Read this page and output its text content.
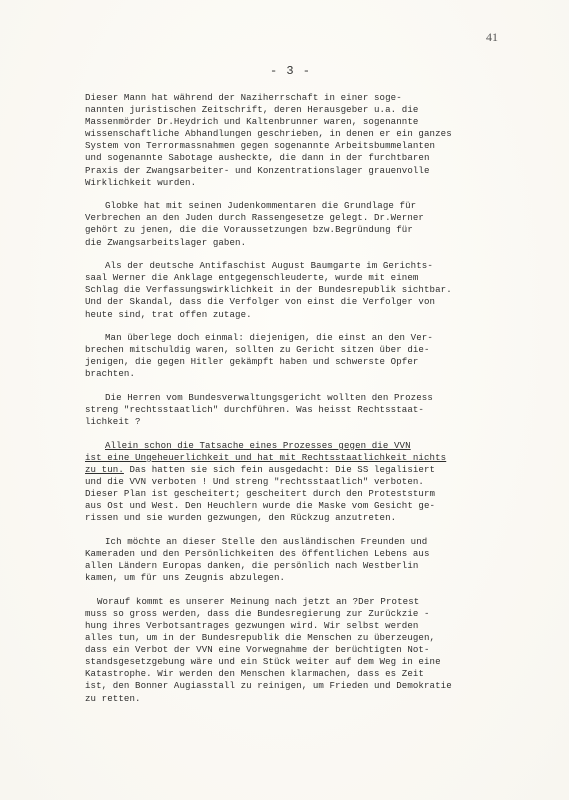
41
- 3 -
Dieser Mann hat während der Naziherrschaft in einer soge-
nannten juristischen Zeitschrift, deren Herausgeber u.a. die
Massenmörder Dr.Heydrich und Kaltenbrunner waren, sogenannte
wissenschaftliche Abhandlungen geschrieben, in denen er ein ganzes
System von Terrormassnahmen gegen sogenannte Arbeitsbummelanten
und sogenannte Sabotage ausheckte, die dann in der furchtbaren
Praxis der Zwangsarbeiter- und Konzentrationslager grauenvolle
Wirklichkeit wurden.
Globke hat mit seinen Judenkommentaren die Grundlage für
Verbrechen an den Juden durch Rassengesetze gelegt. Dr.Werner
gehört zu jenen, die die Voraussetzungen bzw.Begründung für
die Zwangsarbeitslager gaben.
Als der deutsche Antifaschist August Baumgarte im Gerichts-
saal Werner die Anklage entgegenschleuderte, wurde mit einem
Schlag die Verfassungswirklichkeit in der Bundesrepublik sichtbar.
Und der Skandal, dass die Verfolger von einst die Verfolger von
heute sind, trat offen zutage.
Man überlege doch einmal: diejenigen, die einst an den Ver-
brechen mitschuldig waren, sollten zu Gericht sitzen über die-
jenigen, die gegen Hitler gekämpft haben und schwerste Opfer
brachten.
Die Herren vom Bundesverwaltungsgericht wollten den Prozess
streng "rechtsstaatlich" durchführen. Was heisst Rechtsstaat-
lichkeit ?
Allein schon die Tatsache eines Prozesses gegen die VVN
ist eine Ungeheuerlichkeit und hat mit Rechtsstaatlichkeit nichts
zu tun. Das hatten sie sich fein ausgedacht: Die SS legalisiert
und die VVN verboten ! Und streng "rechtsstaatlich" verboten.
Dieser Plan ist gescheitert; gescheitert durch den Proteststurm
aus Ost und West. Den Heuchlern wurde die Maske vom Gesicht ge-
rissen und sie wurden gezwungen, den Rückzug anzutreten.
Ich möchte an dieser Stelle den ausländischen Freunden und
Kameraden und den Persönlichkeiten des öffentlichen Lebens aus
allen Ländern Europas danken, die persönlich nach Westberlin
kamen, um für uns Zeugnis abzulegen.
Worauf kommt es unserer Meinung nach jetzt an ?Der Protest
muss so gross werden, dass die Bundesregierung zur Zurückzie -
hung ihres Verbotsantrages gezwungen wird. Wir selbst werden
alles tun, um in der Bundesrepublik die Menschen zu überzeugen,
dass ein Verbot der VVN eine Vorwegnahme der berüchtigten Not-
standsgesetzgebung wäre und ein Stück weiter auf dem Weg in eine
Katastrophe. Wir werden den Menschen klarmachen, dass es Zeit
ist, den Bonner Augiasstall zu reinigen, um Frieden und Demokratie
zu retten.
